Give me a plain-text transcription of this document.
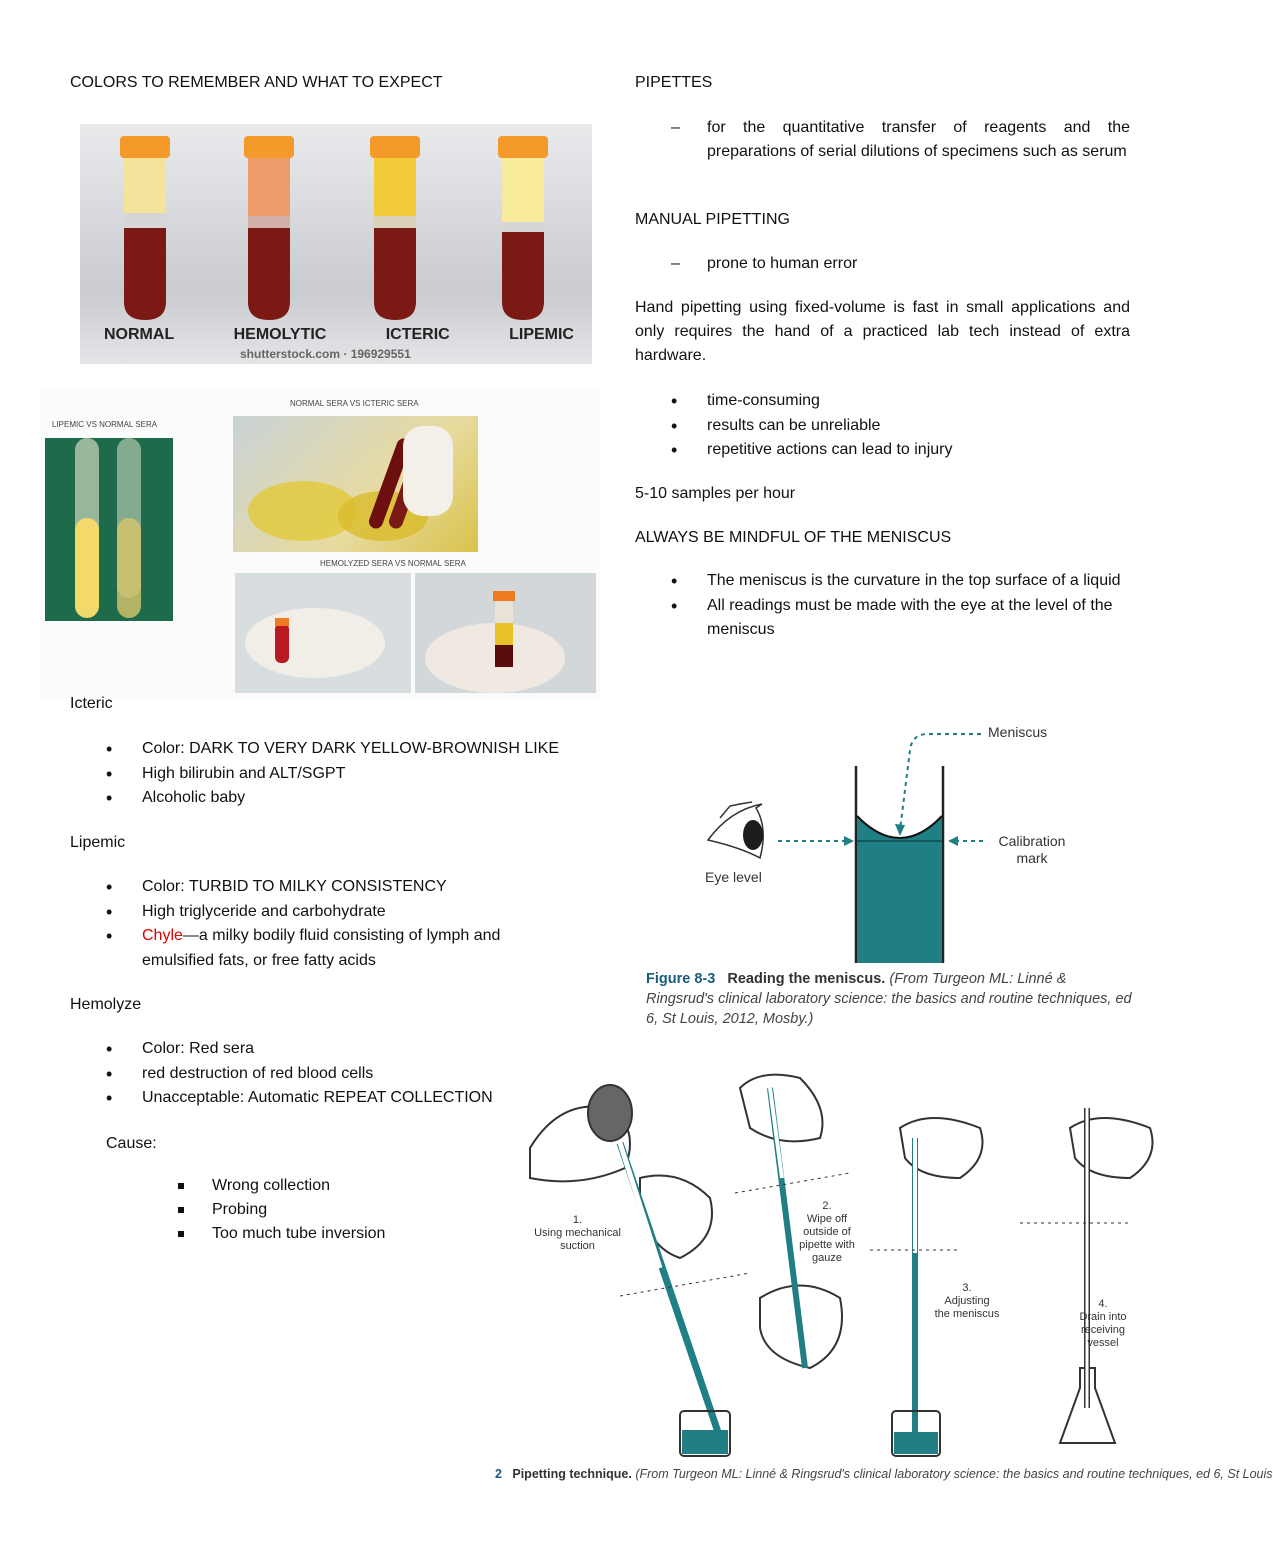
COLORS TO REMEMBER AND WHAT TO EXPECT
NORMAL	HEMOLYTIC	ICTERIC	LIPEMIC
shutterstock.com · 196929551
LIPEMIC VS NORMAL SERA
NORMAL SERA VS ICTERIC SERA
HEMOLYZED SERA VS NORMAL SERA
Icteric
• Color: DARK TO VERY DARK YELLOW-BROWNISH LIKE
• High bilirubin and ALT/SGPT
• Alcoholic baby
Lipemic
• Color: TURBID TO MILKY CONSISTENCY
• High triglyceride and carbohydrate
• Chyle—a milky bodily fluid consisting of lymph and emulsified fats, or free fatty acids
Hemolyze
• Color: Red sera
• red destruction of red blood cells
• Unacceptable: Automatic REPEAT COLLECTION
Cause:
Wrong collection
Probing
Too much tube inversion
PIPETTES
– for the quantitative transfer of reagents and the preparations of serial dilutions of specimens such as serum
MANUAL PIPETTING
– prone to human error
Hand pipetting using fixed-volume is fast in small applications and only requires the hand of a practiced lab tech instead of extra hardware.
• time-consuming
• results can be unreliable
• repetitive actions can lead to injury
5-10 samples per hour
ALWAYS BE MINDFUL OF THE MENISCUS
• The meniscus is the curvature in the top surface of a liquid
• All readings must be made with the eye at the level of the meniscus
Meniscus
Calibration mark
Eye level
Figure 8-3 Reading the meniscus. (From Turgeon ML: Linné & Ringsrud's clinical laboratory science: the basics and routine techniques, ed 6, St Louis, 2012, Mosby.)
1.
Using mechanical
suction
2.
Wipe off
outside of
pipette with
gauze
3.
Adjusting
the meniscus
4.
Drain into
receiving
vessel
2 Pipetting technique. (From Turgeon ML: Linné & Ringsrud's clinical laboratory science: the basics and routine techniques, ed 6, St Louis
